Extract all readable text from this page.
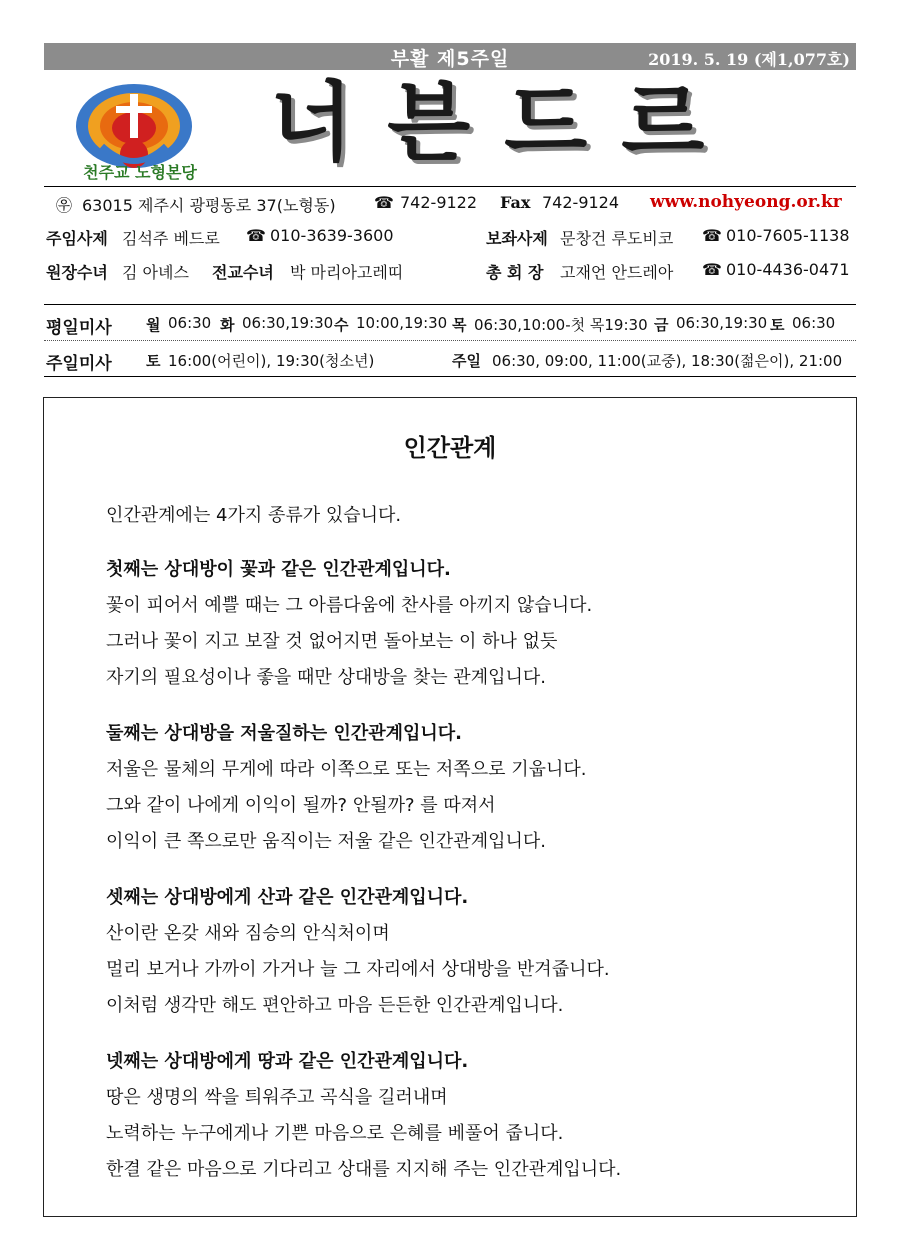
부활 제5주일	2019. 5. 19 (제1,077호)
천주교 노형본당 너븐드르
㉾ 63015 제주시 광평동로 37(노형동) ☎ 742-9122 Fax 742-9124 www.nohyeong.or.kr
주임사제 김석주 베드로 ☎ 010-3639-3600	보좌사제 문창건 루도비코 ☎ 010-7605-1138
원장수녀 김 아녜스 전교수녀 박 마리아고레띠	총 회 장 고재언 안드레아 ☎ 010-4436-0471
평일미사 월 06:30 화 06:30,19:30 수 10:00,19:30 목 06:30,10:00-첫 목19:30 금 06:30,19:30 토 06:30
주일미사 토 16:00(어린이), 19:30(청소년)	주일 06:30, 09:00, 11:00(교중), 18:30(젊은이), 21:00
인간관계
인간관계에는 4가지 종류가 있습니다.
첫째는 상대방이 꽃과 같은 인간관계입니다.
꽃이 피어서 예쁠 때는 그 아름다움에 찬사를 아끼지 않습니다.
그러나 꽃이 지고 보잘 것 없어지면 돌아보는 이 하나 없듯
자기의 필요성이나 좋을 때만 상대방을 찾는 관계입니다.
둘째는 상대방을 저울질하는 인간관계입니다.
저울은 물체의 무게에 따라 이쪽으로 또는 저쪽으로 기웁니다.
그와 같이 나에게 이익이 될까? 안될까? 를 따져서
이익이 큰 쪽으로만 움직이는 저울 같은 인간관계입니다.
셋째는 상대방에게 산과 같은 인간관계입니다.
산이란 온갖 새와 짐승의 안식처이며
멀리 보거나 가까이 가거나 늘 그 자리에서 상대방을 반겨줍니다.
이처럼 생각만 해도 편안하고 마음 든든한 인간관계입니다.
넷째는 상대방에게 땅과 같은 인간관계입니다.
땅은 생명의 싹을 틔워주고 곡식을 길러내며
노력하는 누구에게나 기쁜 마음으로 은혜를 베풀어 줍니다.
한결 같은 마음으로 기다리고 상대를 지지해 주는 인간관계입니다.
